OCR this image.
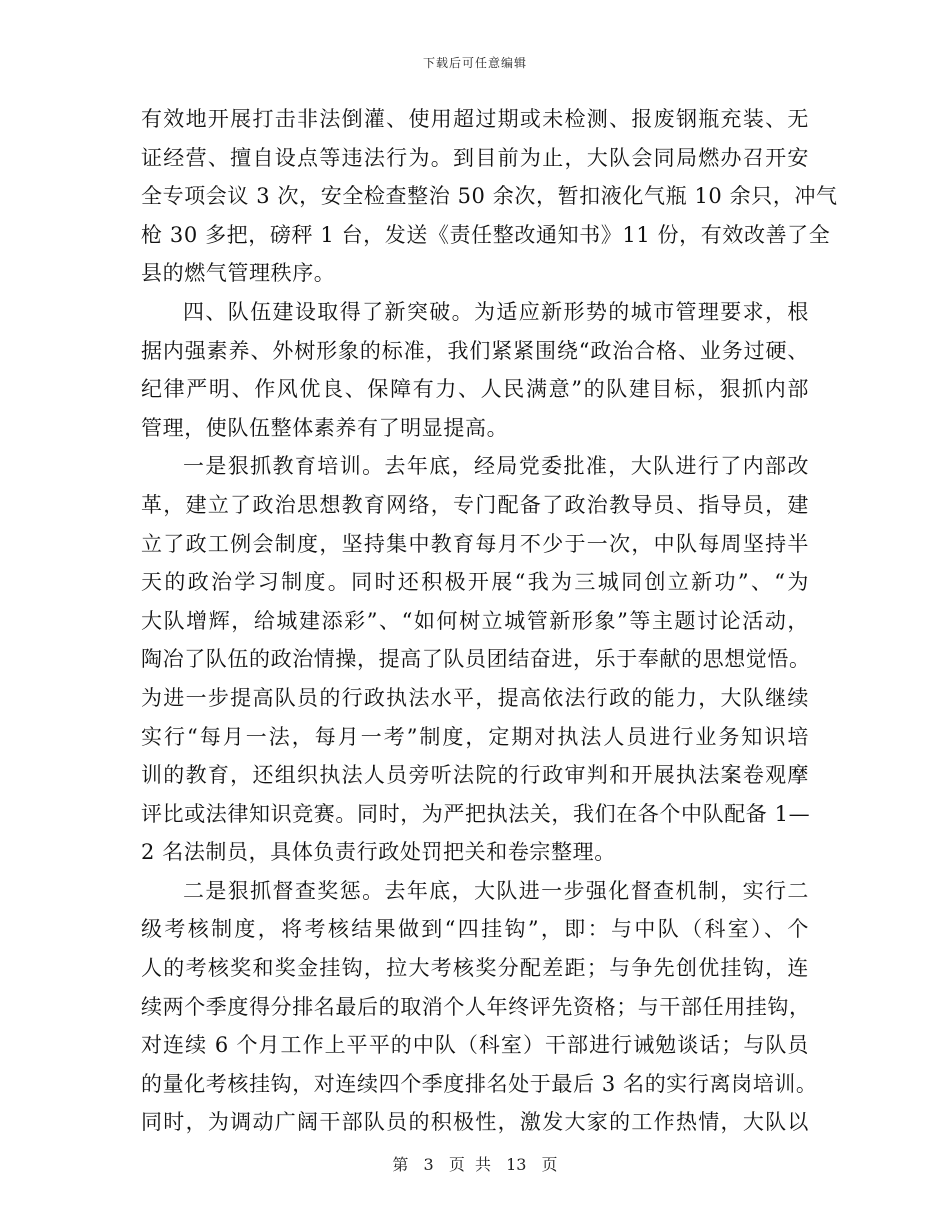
下载后可任意编辑
有效地开展打击非法倒灌、使用超过期或未检测、报废钢瓶充装、无
证经营、擅自设点等违法行为。到目前为止，大队会同局燃办召开安
全专项会议 3 次，安全检查整治 50 余次，暂扣液化气瓶 10 余只，冲气
枪 30 多把，磅秤 1 台，发送《责任整改通知书》11 份，有效改善了全
县的燃气管理秩序。
四、队伍建设取得了新突破。为适应新形势的城市管理要求，根
据内强素养、外树形象的标准，我们紧紧围绕“政治合格、业务过硬、
纪律严明、作风优良、保障有力、人民满意”的队建目标，狠抓内部
管理，使队伍整体素养有了明显提高。
一是狠抓教育培训。去年底，经局党委批准，大队进行了内部改
革，建立了政治思想教育网络，专门配备了政治教导员、指导员，建
立了政工例会制度，坚持集中教育每月不少于一次，中队每周坚持半
天的政治学习制度。同时还积极开展“我为三城同创立新功”、“为
大队增辉，给城建添彩”、“如何树立城管新形象”等主题讨论活动，
陶冶了队伍的政治情操，提高了队员团结奋进，乐于奉献的思想觉悟。
为进一步提高队员的行政执法水平，提高依法行政的能力，大队继续
实行“每月一法，每月一考”制度，定期对执法人员进行业务知识培
训的教育，还组织执法人员旁听法院的行政审判和开展执法案卷观摩
评比或法律知识竞赛。同时，为严把执法关，我们在各个中队配备 1—
2 名法制员，具体负责行政处罚把关和卷宗整理。
二是狠抓督查奖惩。去年底，大队进一步强化督查机制，实行二
级考核制度，将考核结果做到“四挂钩”，即：与中队（科室）、个
人的考核奖和奖金挂钩，拉大考核奖分配差距；与争先创优挂钩，连
续两个季度得分排名最后的取消个人年终评先资格；与干部任用挂钩，
对连续 6 个月工作上平平的中队（科室）干部进行诫勉谈话；与队员
的量化考核挂钩，对连续四个季度排名处于最后 3 名的实行离岗培训。
同时，为调动广阔干部队员的积极性，激发大家的工作热情，大队以
第 3 页  共 13 页
